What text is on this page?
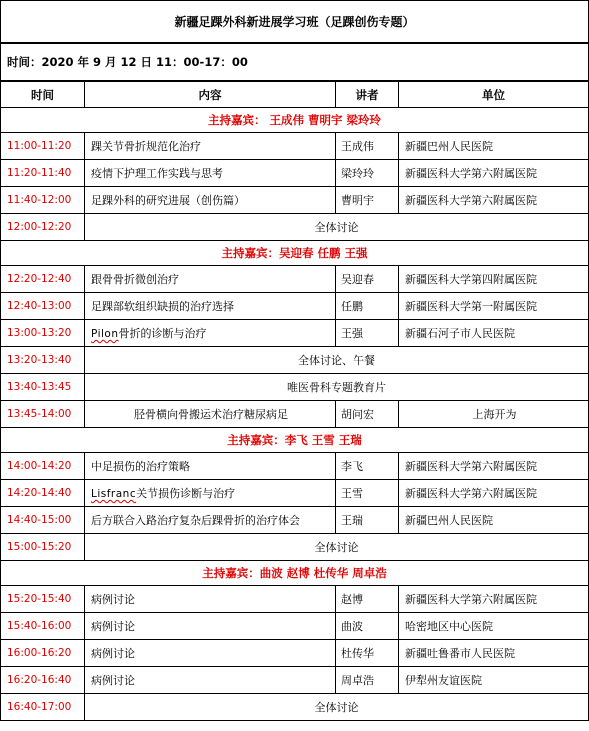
新疆足踝外科新进展学习班（足踝创伤专题）			
时间：2020 年 9 月 12 日 11：00-17：00			
时间	内容	讲者	单位
主持嘉宾： 王成伟 曹明宇 梁玲玲			
11:00-11:20	踝关节骨折规范化治疗	王成伟	新疆巴州人民医院
11:20-11:40	疫情下护理工作实践与思考	梁玲玲	新疆医科大学第六附属医院
11:40-12:00	足踝外科的研究进展（创伤篇）	曹明宇	新疆医科大学第六附属医院
12:00-12:20	全体讨论		
主持嘉宾：吴迎春 任鹏 王强			
12:20-12:40	跟骨骨折微创治疗	吴迎春	新疆医科大学第四附属医院
12:40-13:00	足踝部软组织缺损的治疗选择	任鹏	新疆医科大学第一附属医院
13:00-13:20	Pilon骨折的诊断与治疗	王强	新疆石河子市人民医院
13:20-13:40	全体讨论、午餐		
13:40-13:45	唯医骨科专题教育片		
13:45-14:00	胫骨横向骨搬运术治疗糖尿病足	胡问宏	上海开为
主持嘉宾：李飞 王雪 王瑞			
14:00-14:20	中足损伤的治疗策略	李飞	新疆医科大学第六附属医院
14:20-14:40	Lisfranc关节损伤诊断与治疗	王雪	新疆医科大学第六附属医院
14:40-15:00	后方联合入路治疗复杂后踝骨折的治疗体会	王瑞	新疆巴州人民医院
15:00-15:20	全体讨论		
主持嘉宾：曲波 赵博 杜传华 周卓浩			
15:20-15:40	病例讨论	赵博	新疆医科大学第六附属医院
15:40-16:00	病例讨论	曲波	哈密地区中心医院
16:00-16:20	病例讨论	杜传华	新疆吐鲁番市人民医院
16:20-16:40	病例讨论	周卓浩	伊犁州友谊医院
16:40-17:00	全体讨论		
